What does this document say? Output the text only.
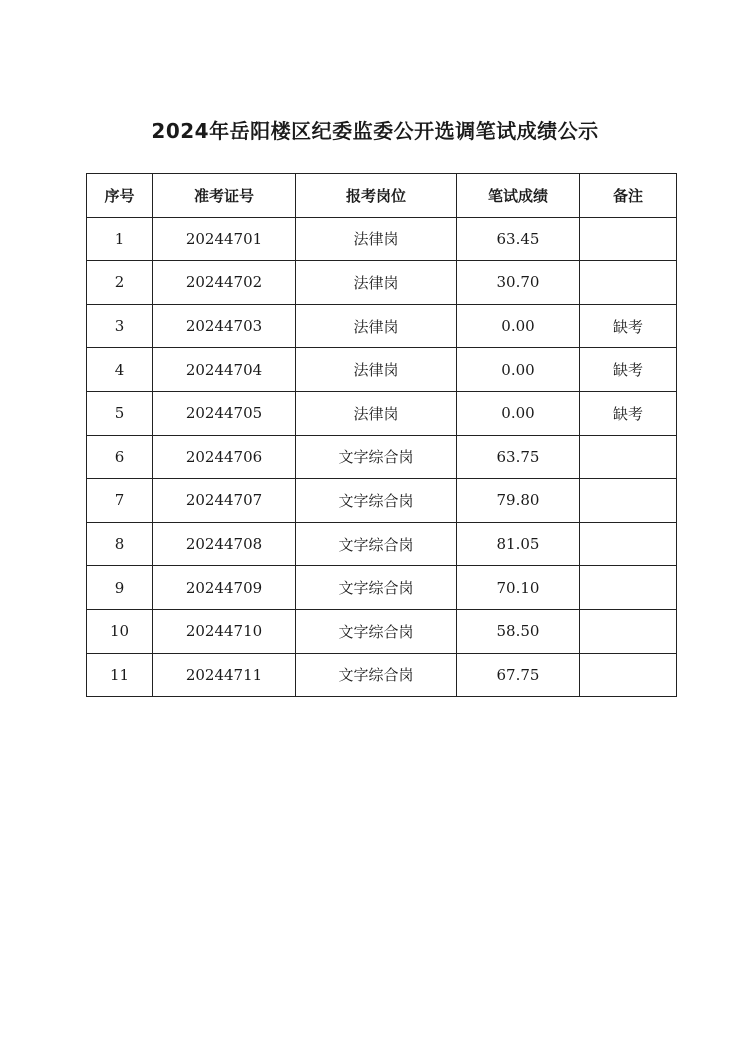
2024年岳阳楼区纪委监委公开选调笔试成绩公示
序号	准考证号	报考岗位	笔试成绩	备注
1	20244701	法律岗	63.45	
2	20244702	法律岗	30.70	
3	20244703	法律岗	0.00	缺考
4	20244704	法律岗	0.00	缺考
5	20244705	法律岗	0.00	缺考
6	20244706	文字综合岗	63.75	
7	20244707	文字综合岗	79.80	
8	20244708	文字综合岗	81.05	
9	20244709	文字综合岗	70.10	
10	20244710	文字综合岗	58.50	
11	20244711	文字综合岗	67.75	
